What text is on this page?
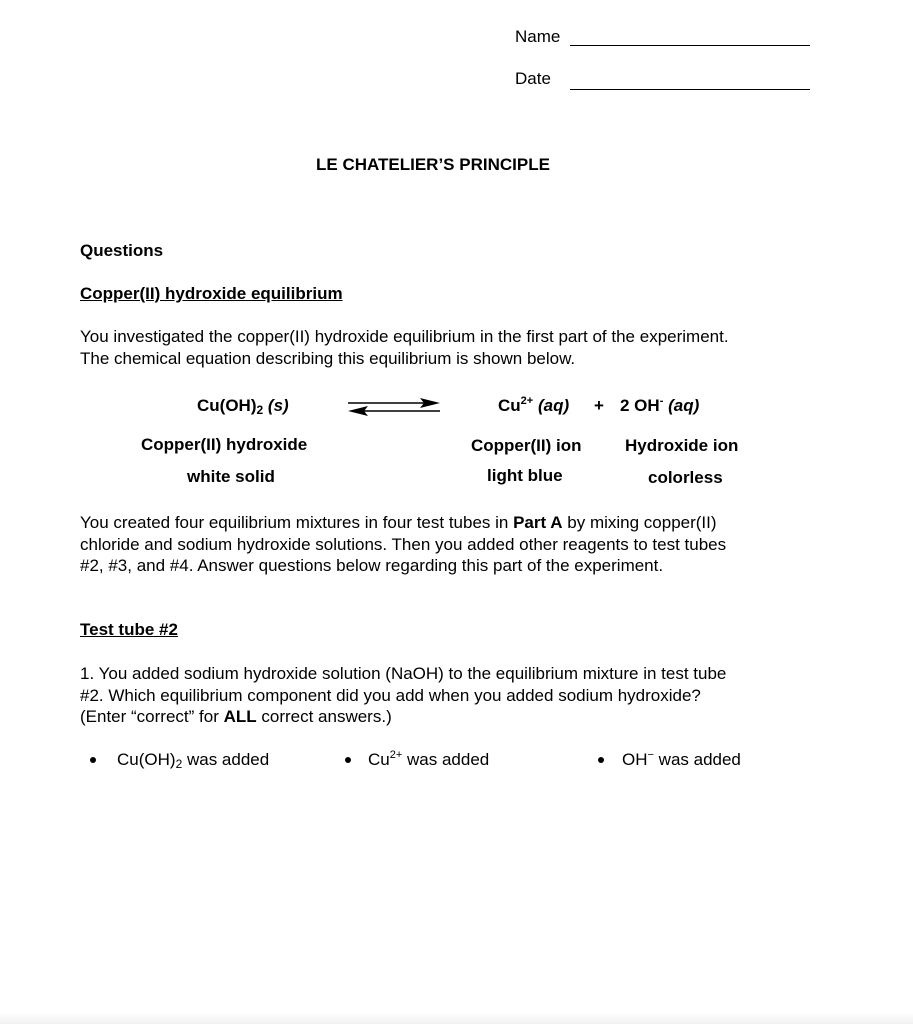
Name
Date
LE CHATELIER’S PRINCIPLE
Questions
Copper(II) hydroxide equilibrium
You investigated the copper(II) hydroxide equilibrium in the first part of the experiment.
The chemical equation describing this equilibrium is shown below.
$Cu(OH)_2$ (s)	$Cu^{2+}$ (aq) + 2 OH- (aq)
Copper(II) hydroxide	Copper(II) ion	Hydroxide ion
white solid	light blue	colorless
You created four equilibrium mixtures in four test tubes in Part A by mixing copper(II)
chloride and sodium hydroxide solutions. Then you added other reagents to test tubes
#2, #3, and #4. Answer questions below regarding this part of the experiment.
Test tube #2
1. You added sodium hydroxide solution (NaOH) to the equilibrium mixture in test tube
#2. Which equilibrium component did you add when you added sodium hydroxide?
(Enter “correct” for ALL correct answers.)
$Cu(OH)_2$ was added	$Cu^{2+}$ was added	OH− was added
